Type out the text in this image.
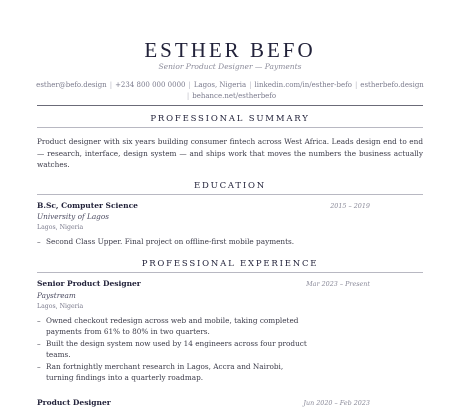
ESTHER BEFO
Senior Product Designer — Payments
esther@befo.design | +234 800 000 0000 | Lagos, Nigeria | linkedin.com/in/esther-befo | estherbefo.design
| behance.net/estherbefo
PROFESSIONAL SUMMARY
Product designer with six years building consumer fintech across West Africa. Leads design end to end — research, interface, design system — and ships work that moves the numbers the business actually watches.
EDUCATION
B.Sc, Computer Science	2015 – 2019
University of Lagos
Lagos, Nigeria
– Second Class Upper. Final project on offline-first mobile payments.
PROFESSIONAL EXPERIENCE
Senior Product Designer	Mar 2023 – Present
Paystream
Lagos, Nigeria
– Owned checkout redesign across web and mobile, taking completed payments from 61% to 80% in two quarters.
– Built the design system now used by 14 engineers across four product teams.
– Ran fortnightly merchant research in Lagos, Accra and Nairobi, turning findings into a quarterly roadmap.
Product Designer	Jun 2020 – Feb 2023
